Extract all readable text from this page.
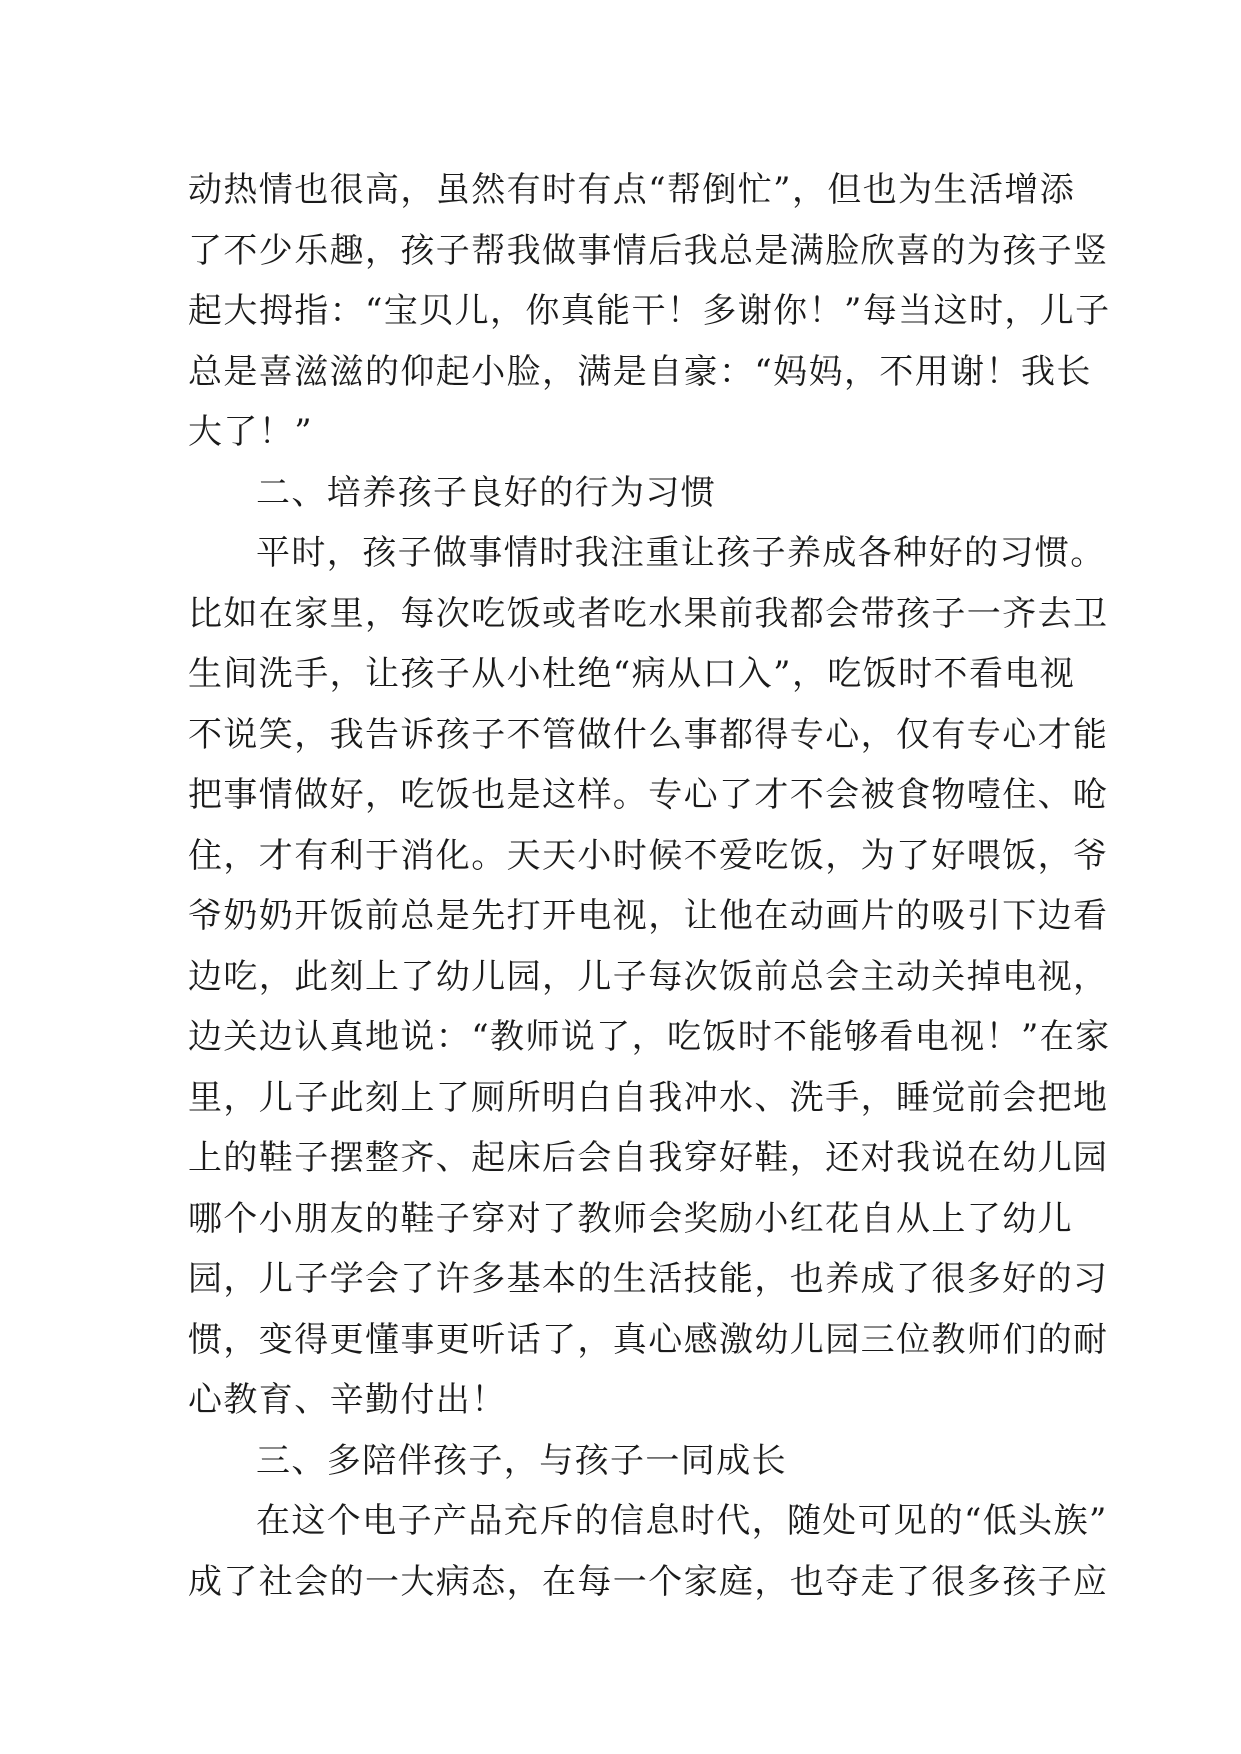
动热情也很高，虽然有时有点“帮倒忙”，但也为生活增添
了不少乐趣，孩子帮我做事情后我总是满脸欣喜的为孩子竖
起大拇指：“宝贝儿，你真能干！多谢你！”每当这时，儿子
总是喜滋滋的仰起小脸，满是自豪：“妈妈，不用谢！我长
大了！”
二、培养孩子良好的行为习惯
平时，孩子做事情时我注重让孩子养成各种好的习惯。
比如在家里，每次吃饭或者吃水果前我都会带孩子一齐去卫
生间洗手，让孩子从小杜绝“病从口入”，吃饭时不看电视
不说笑，我告诉孩子不管做什么事都得专心，仅有专心才能
把事情做好，吃饭也是这样。专心了才不会被食物噎住、呛
住，才有利于消化。天天小时候不爱吃饭，为了好喂饭，爷
爷奶奶开饭前总是先打开电视，让他在动画片的吸引下边看
边吃，此刻上了幼儿园，儿子每次饭前总会主动关掉电视，
边关边认真地说：“教师说了，吃饭时不能够看电视！”在家
里，儿子此刻上了厕所明白自我冲水、洗手，睡觉前会把地
上的鞋子摆整齐、起床后会自我穿好鞋，还对我说在幼儿园
哪个小朋友的鞋子穿对了教师会奖励小红花自从上了幼儿
园，儿子学会了许多基本的生活技能，也养成了很多好的习
惯，变得更懂事更听话了，真心感激幼儿园三位教师们的耐
心教育、辛勤付出！
三、多陪伴孩子，与孩子一同成长
在这个电子产品充斥的信息时代，随处可见的“低头族”
成了社会的一大病态，在每一个家庭，也夺走了很多孩子应
